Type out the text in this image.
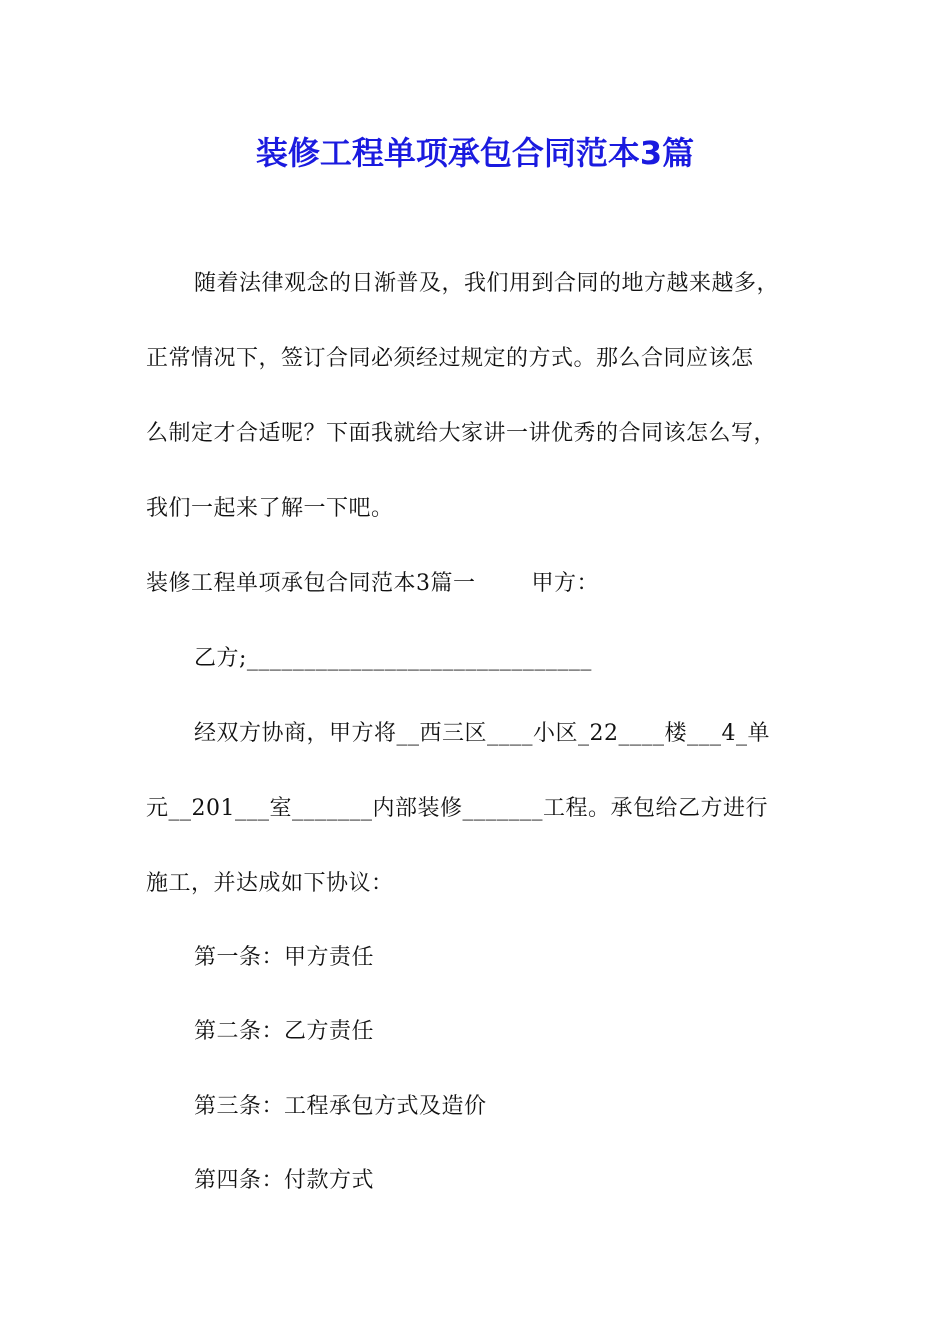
装修工程单项承包合同范本3篇
随着法律观念的日渐普及，我们用到合同的地方越来越多，
正常情况下，签订合同必须经过规定的方式。那么合同应该怎
么制定才合适呢？下面我就给大家讲一讲优秀的合同该怎么写，
我们一起来了解一下吧。
装修工程单项承包合同范本3篇一	甲方：
乙方;______________________________
经双方协商，甲方将__西三区____小区_22____楼___4_单
元__201___室_______内部装修_______工程。承包给乙方进行
施工，并达成如下协议：
第一条：甲方责任
第二条：乙方责任
第三条：工程承包方式及造价
第四条：付款方式
